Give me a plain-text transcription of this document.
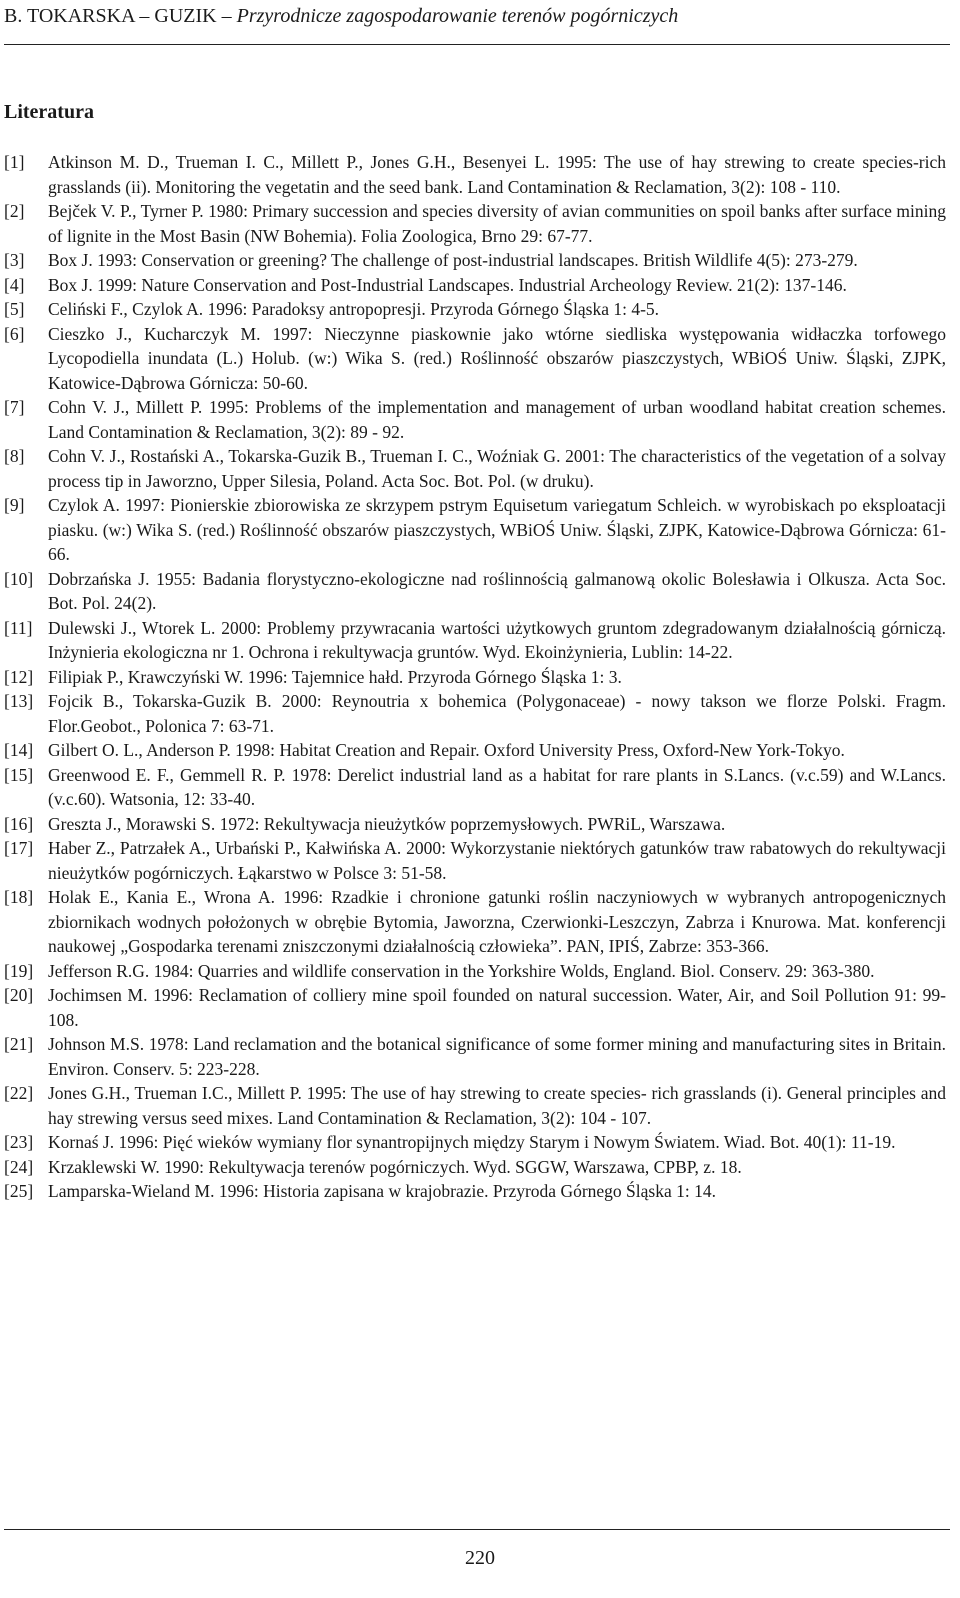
B. TOKARSKA – GUZIK – Przyrodnicze zagospodarowanie terenów pogórniczych
Literatura
[1]	Atkinson M. D., Trueman I. C., Millett P., Jones G.H., Besenyei L. 1995: The use of hay strewing to create species-rich grasslands (ii). Monitoring the vegetatin and the seed bank. Land Contamination & Reclamation, 3(2): 108 - 110.
[2]	Bejček V. P., Tyrner P. 1980: Primary succession and species diversity of avian communities on spoil banks after surface mining of lignite in the Most Basin (NW Bohemia). Folia Zoologica, Brno 29: 67-77.
[3]	Box J. 1993: Conservation or greening? The challenge of post-industrial landscapes. British Wildlife 4(5): 273-279.
[4]	Box J. 1999: Nature Conservation and Post-Industrial Landscapes. Industrial Archeology Review. 21(2): 137-146.
[5]	Celiński F., Czylok A. 1996: Paradoksy antropopresji. Przyroda Górnego Śląska 1: 4-5.
[6]	Cieszko J., Kucharczyk M. 1997: Nieczynne piaskownie jako wtórne siedliska występowania widłaczka torfowego Lycopodiella inundata (L.) Holub. (w:) Wika S. (red.) Roślinność obszarów piaszczystych, WBiOŚ Uniw. Śląski, ZJPK, Katowice-Dąbrowa Górnicza: 50-60.
[7]	Cohn V. J., Millett P. 1995: Problems of the implementation and management of urban woodland habitat creation schemes. Land Contamination & Reclamation, 3(2): 89 - 92.
[8]	Cohn V. J., Rostański A., Tokarska-Guzik B., Trueman I. C., Woźniak G. 2001: The characteristics of the vegetation of a solvay process tip in Jaworzno, Upper Silesia, Poland. Acta Soc. Bot. Pol. (w druku).
[9]	Czylok A. 1997: Pionierskie zbiorowiska ze skrzypem pstrym Equisetum variegatum Schleich. w wyrobiskach po eksploatacji piasku. (w:) Wika S. (red.) Roślinność obszarów piaszczystych, WBiOŚ Uniw. Śląski, ZJPK, Katowice-Dąbrowa Górnicza: 61-66.
[10] Dobrzańska J. 1955: Badania florystyczno-ekologiczne nad roślinnością galmanową okolic Bolesławia i Olkusza. Acta Soc. Bot. Pol. 24(2).
[11] Dulewski J., Wtorek L. 2000: Problemy przywracania wartości użytkowych gruntom zdegradowanym działalnością górniczą. Inżynieria ekologiczna nr 1. Ochrona i rekultywacja gruntów. Wyd. Ekoinżynieria, Lublin: 14-22.
[12] Filipiak P., Krawczyński W. 1996: Tajemnice hałd. Przyroda Górnego Śląska 1: 3.
[13] Fojcik B., Tokarska-Guzik B. 2000: Reynoutria x bohemica (Polygonaceae) - nowy takson we florze Polski. Fragm. Flor.Geobot., Polonica 7: 63-71.
[14] Gilbert O. L., Anderson P. 1998: Habitat Creation and Repair. Oxford University Press, Oxford-New York-Tokyo.
[15] Greenwood E. F., Gemmell R. P. 1978: Derelict industrial land as a habitat for rare plants in S.Lancs. (v.c.59) and W.Lancs. (v.c.60). Watsonia, 12: 33-40.
[16] Greszta J., Morawski S. 1972: Rekultywacja nieużytków poprzemysłowych. PWRiL, Warszawa.
[17] Haber Z., Patrzałek A., Urbański P., Kałwińska A. 2000: Wykorzystanie niektórych gatunków traw rabatowych do rekultywacji nieużytków pogórniczych. Łąkarstwo w Polsce 3: 51-58.
[18] Holak E., Kania E., Wrona A. 1996: Rzadkie i chronione gatunki roślin naczyniowych w wybranych antropogenicznych zbiornikach wodnych położonych w obrębie Bytomia, Jaworzna, Czerwionki-Leszczyn, Zabrza i Knurowa. Mat. konferencji naukowej „Gospodarka terenami zniszczonymi działalnością człowieka”. PAN, IPIŚ, Zabrze: 353-366.
[19] Jefferson R.G. 1984: Quarries and wildlife conservation in the Yorkshire Wolds, England. Biol. Conserv. 29: 363-380.
[20] Jochimsen M. 1996: Reclamation of colliery mine spoil founded on natural succession. Water, Air, and Soil Pollution 91: 99-108.
[21] Johnson M.S. 1978: Land reclamation and the botanical significance of some former mining and manufacturing sites in Britain. Environ. Conserv. 5: 223-228.
[22] Jones G.H., Trueman I.C., Millett P. 1995: The use of hay strewing to create species- rich grasslands (i). General principles and hay strewing versus seed mixes. Land Contamination & Reclamation, 3(2): 104 - 107.
[23] Kornaś J. 1996: Pięć wieków wymiany flor synantropijnych między Starym i Nowym Światem. Wiad. Bot. 40(1): 11-19.
[24] Krzaklewski W. 1990: Rekultywacja terenów pogórniczych. Wyd. SGGW, Warszawa, CPBP, z. 18.
[25] Lamparska-Wieland M. 1996: Historia zapisana w krajobrazie. Przyroda Górnego Śląska 1: 14.
220
